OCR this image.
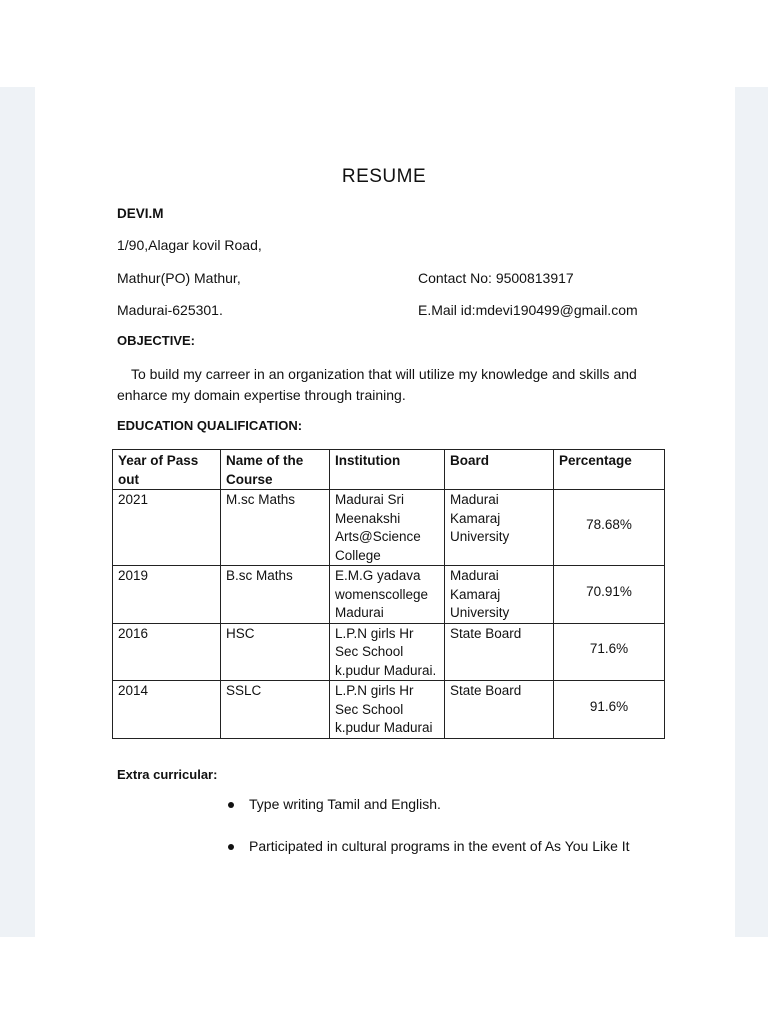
RESUME
DEVI.M
1/90,Alagar kovil Road,
Mathur(PO) Mathur,
Madurai-625301.
Contact No: 9500813917
E.Mail id:mdevi190499@gmail.com
OBJECTIVE:
To build my carreer in an organization that will utilize my knowledge and skills and enharce my domain expertise through training.
EDUCATION QUALIFICATION:
Year of Pass out	Name of the Course	Institution	Board	Percentage
2021	M.sc Maths	Madurai Sri Meenakshi Arts@Science College	Madurai Kamaraj University	78.68%
2019	B.sc Maths	E.M.G yadava womenscollege Madurai	Madurai Kamaraj University	70.91%
2016	HSC	L.P.N girls Hr Sec School k.pudur Madurai.	State Board	71.6%
2014	SSLC	L.P.N girls Hr Sec School k.pudur Madurai	State Board	91.6%
Extra curricular:
Type writing Tamil and English.
Participated in cultural programs in the event of As You Like It
